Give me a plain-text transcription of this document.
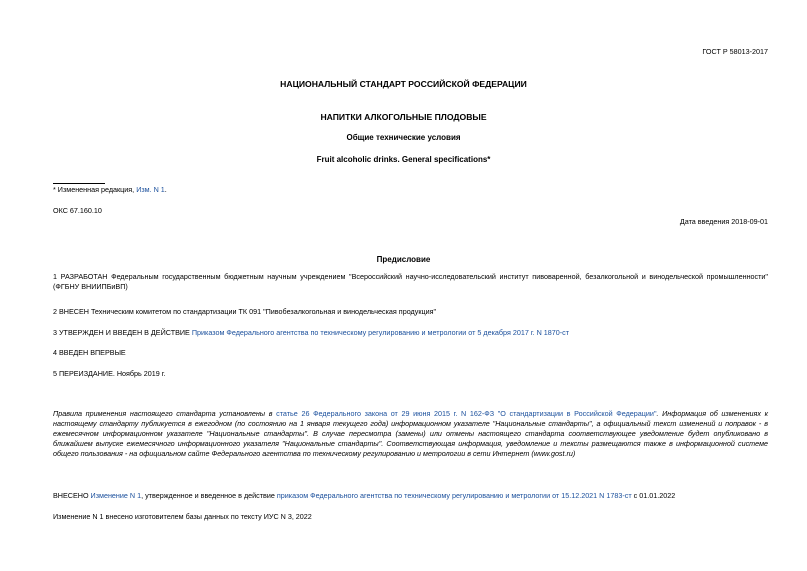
ГОСТ Р 58013-2017
НАЦИОНАЛЬНЫЙ СТАНДАРТ РОССИЙСКОЙ ФЕДЕРАЦИИ
НАПИТКИ АЛКОГОЛЬНЫЕ ПЛОДОВЫЕ
Общие технические условия
Fruit alcoholic drinks. General specifications*
* Измененная редакция, Изм. N 1.
ОКС 67.160.10
Дата введения 2018-09-01
Предисловие
1 РАЗРАБОТАН Федеральным государственным бюджетным научным учреждением "Всероссийский научно-исследовательский институт пивоваренной, безалкогольной и винодельческой промышленности" (ФГБНУ ВНИИПБиВП)
2 ВНЕСЕН Техническим комитетом по стандартизации ТК 091 "Пивобезалкогольная и винодельческая продукция"
3 УТВЕРЖДЕН И ВВЕДЕН В ДЕЙСТВИЕ Приказом Федерального агентства по техническому регулированию и метрологии от 5 декабря 2017 г. N 1870-ст
4 ВВЕДЕН ВПЕРВЫЕ
5 ПЕРЕИЗДАНИЕ. Ноябрь 2019 г.
Правила применения настоящего стандарта установлены в статье 26 Федерального закона от 29 июня 2015 г. N 162-ФЗ "О стандартизации в Российской Федерации". Информация об изменениях к настоящему стандарту публикуется в ежегодном (по состоянию на 1 января текущего года) информационном указателе "Национальные стандарты", а официальный текст изменений и поправок - в ежемесячном информационном указателе "Национальные стандарты". В случае пересмотра (замены) или отмены настоящего стандарта соответствующее уведомление будет опубликовано в ближайшем выпуске ежемесячного информационного указателя "Национальные стандарты". Соответствующая информация, уведомление и тексты размещаются также в информационной системе общего пользования - на официальном сайте Федерального агентства по техническому регулированию и метрологии в сети Интернет (www.gost.ru)
ВНЕСЕНО Изменение N 1, утвержденное и введенное в действие приказом Федерального агентства по техническому регулированию и метрологии от 15.12.2021 N 1783-ст с 01.01.2022
Изменение N 1 внесено изготовителем базы данных по тексту ИУС N 3, 2022
